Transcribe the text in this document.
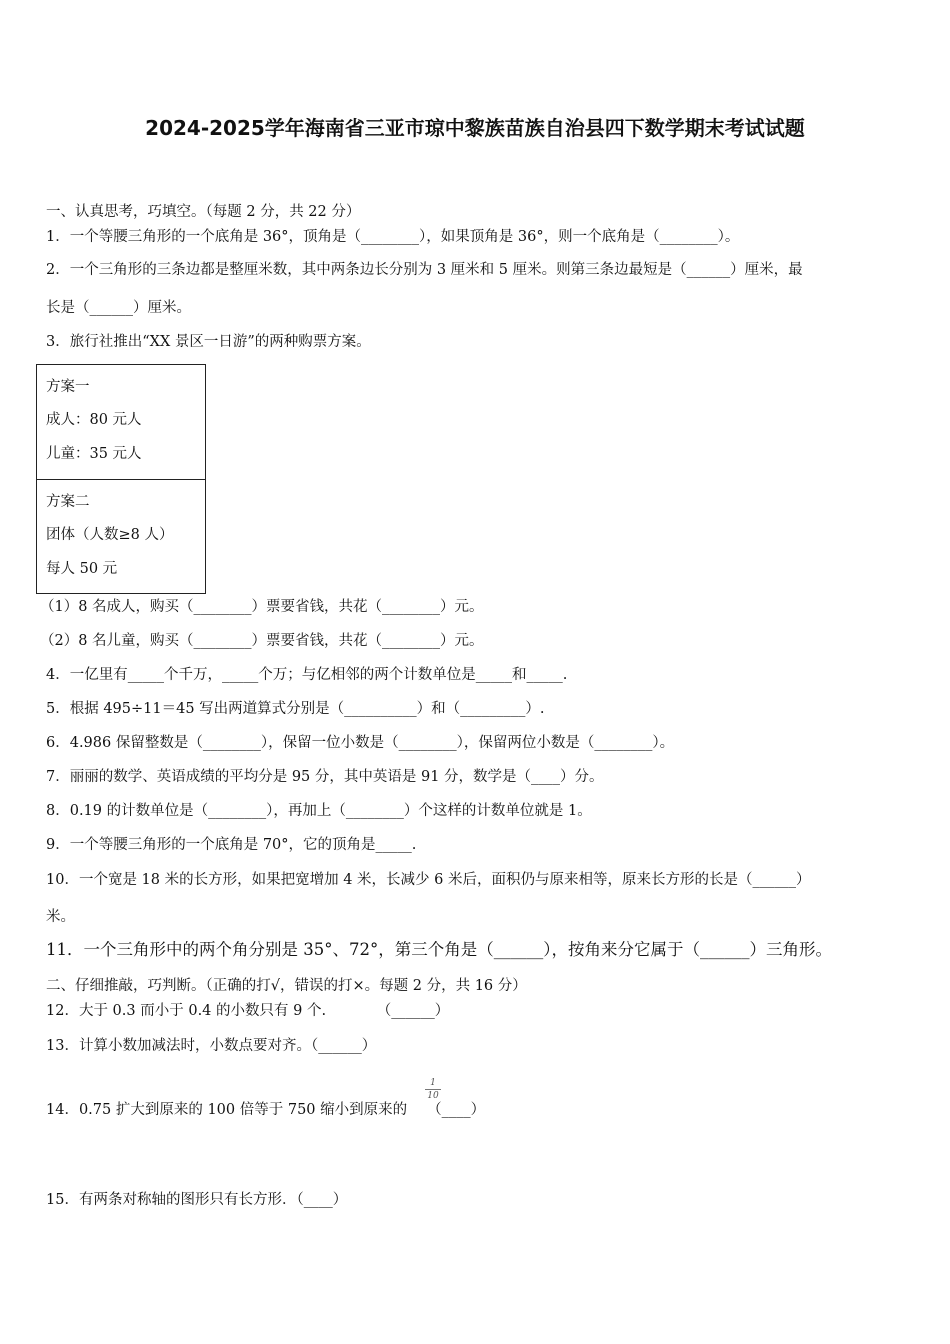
2024-2025学年海南省三亚市琼中黎族苗族自治县四下数学期末考试试题
一、认真思考，巧填空。（每题 2 分，共 22 分）
1．一个等腰三角形的一个底角是 36°，顶角是（________），如果顶角是 36°，则一个底角是（________）。
2．一个三角形的三条边都是整厘米数，其中两条边长分别为 3 厘米和 5 厘米。则第三条边最短是（______）厘米，最
长是（______）厘米。
3．旅行社推出“XX 景区一日游”的两种购票方案。
方案一
成人：80 元人
儿童：35 元人
方案二
团体（人数≥8 人）
每人 50 元
（1）8 名成人，购买（________）票要省钱，共花（________）元。
（2）8 名儿童，购买（________）票要省钱，共花（________）元。
4．一亿里有_____个千万，_____个万；与亿相邻的两个计数单位是_____和_____.
5．根据 495÷11＝45 写出两道算式分别是（__________）和（_________）.
6．4.986 保留整数是（________），保留一位小数是（________），保留两位小数是（________）。
7．丽丽的数学、英语成绩的平均分是 95 分，其中英语是 91 分，数学是（____）分。
8．0.19 的计数单位是（________），再加上（________）个这样的计数单位就是 1。
9．一个等腰三角形的一个底角是 70°，它的顶角是_____.
10．一个宽是 18 米的长方形，如果把宽增加 4 米，长减少 6 米后，面积仍与原来相等，原来长方形的长是（______）
米。
11．一个三角形中的两个角分别是 35°、72°，第三个角是（______），按角来分它属于（______）三角形。
二、仔细推敲，巧判断。（正确的打√，错误的打×。每题 2 分，共 16 分）
12．大于 0.3 而小于 0.4 的小数只有 9 个.　　　　（______）
13．计算小数加减法时，小数点要对齐。（______）
14．0.75 扩大到原来的 100 倍等于 750 缩小到原来的 （____）
1
10
15．有两条对称轴的图形只有长方形．（____）
